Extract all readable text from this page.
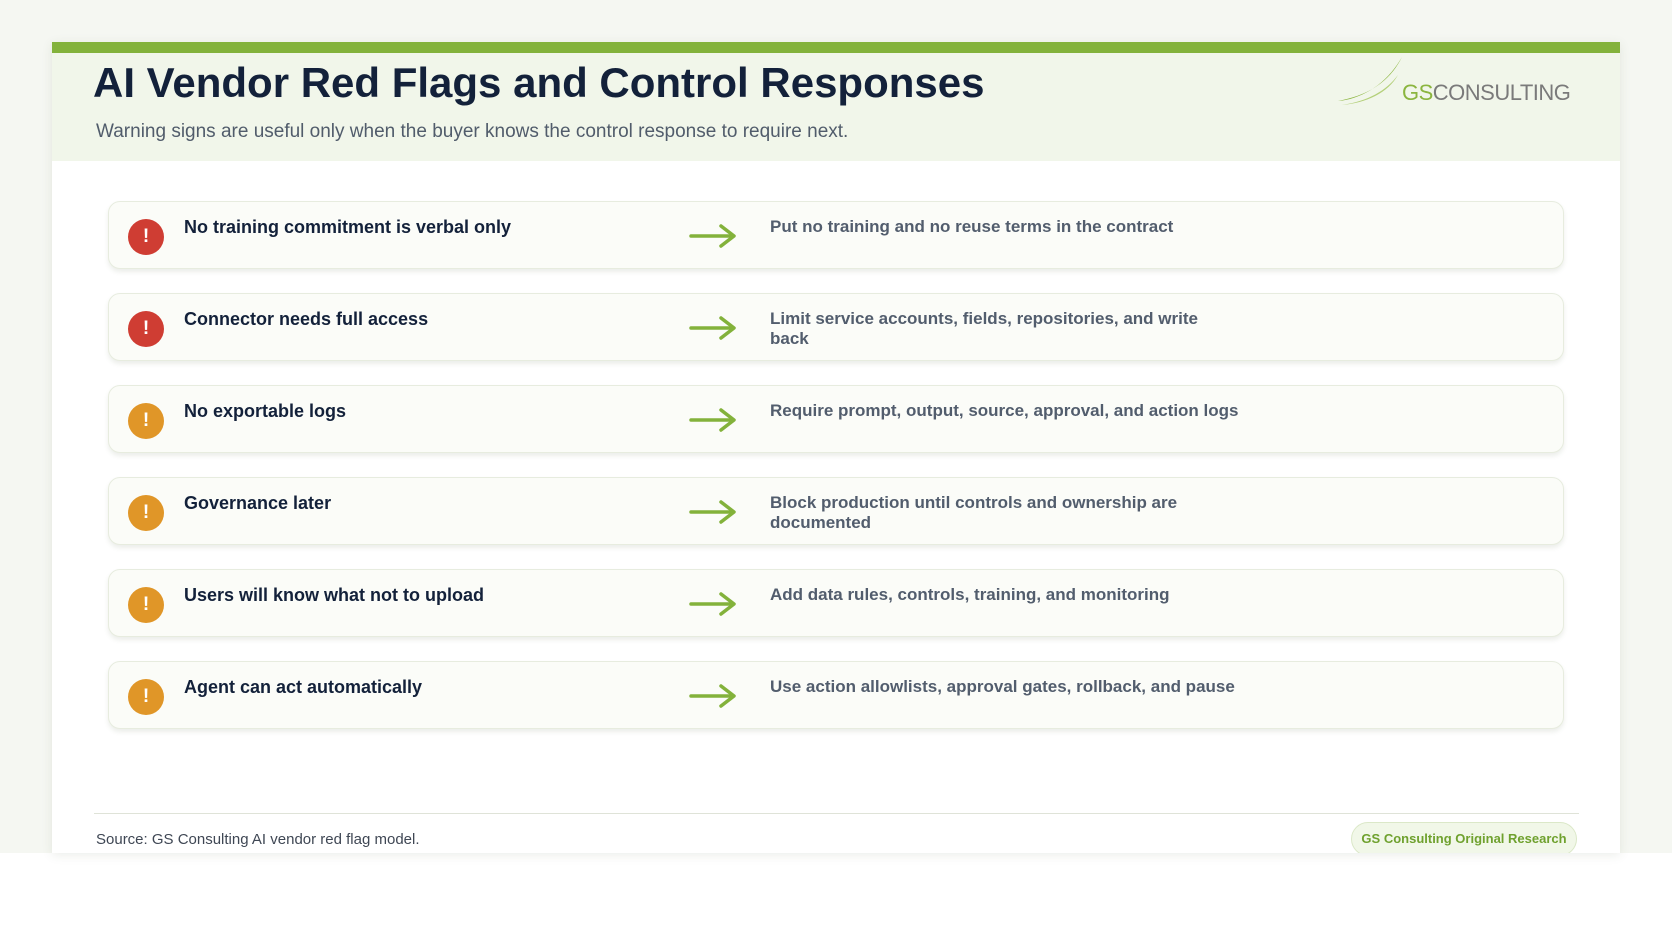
AI Vendor Red Flags and Control Responses
Warning signs are useful only when the buyer knows the control response to require next.
GSCONSULTING
!	No training commitment is verbal only	Put no training and no reuse terms in the contract
!	Connector needs full access	Limit service accounts, fields, repositories, and write back
!	No exportable logs	Require prompt, output, source, approval, and action logs
!	Governance later	Block production until controls and ownership are documented
!	Users will know what not to upload	Add data rules, controls, training, and monitoring
!	Agent can act automatically	Use action allowlists, approval gates, rollback, and pause
Source: GS Consulting AI vendor red flag model.	GS Consulting Original Research
